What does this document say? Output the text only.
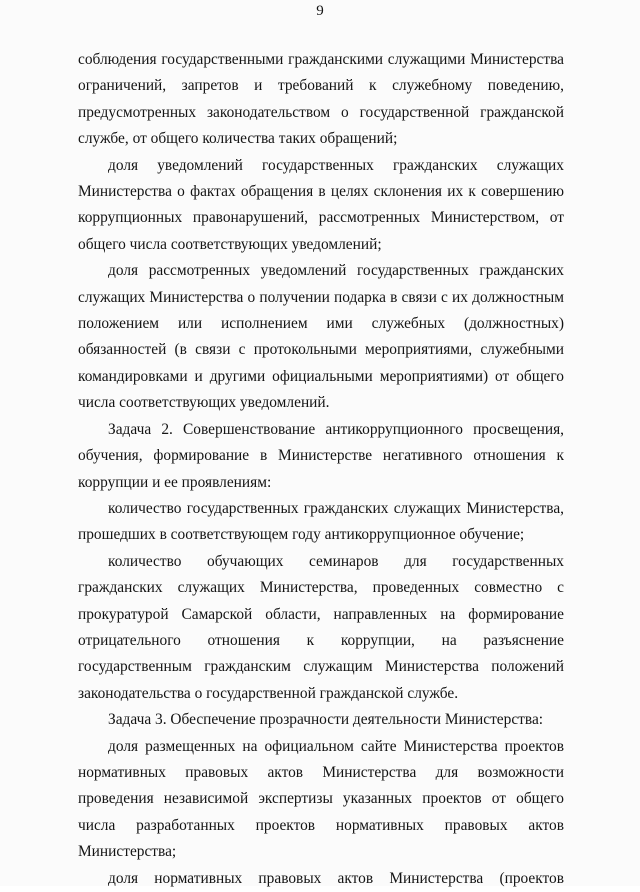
9

соблюдения государственными гражданскими служащими Министерства ограничений, запретов и требований к служебному поведению, предусмотренных законодательством о государственной гражданской службе, от общего количества таких обращений;

доля уведомлений государственных гражданских служащих Министерства о фактах обращения в целях склонения их к совершению коррупционных правонарушений, рассмотренных Министерством, от общего числа соответствующих уведомлений;

доля рассмотренных уведомлений государственных гражданских служащих Министерства о получении подарка в связи с их должностным положением или исполнением ими служебных (должностных) обязанностей (в связи с протокольными мероприятиями, служебными командировками и другими официальными мероприятиями) от общего числа соответствующих уведомлений.

Задача 2. Совершенствование антикоррупционного просвещения, обучения, формирование в Министерстве негативного отношения к коррупции и ее проявлениям:

количество государственных гражданских служащих Министерства, прошедших в соответствующем году антикоррупционное обучение;

количество обучающих семинаров для государственных гражданских служащих Министерства, проведенных совместно с прокуратурой Самарской области, направленных на формирование отрицательного отношения к коррупции, на разъяснение государственным гражданским служащим Министерства положений законодательства о государственной гражданской службе.

Задача 3. Обеспечение прозрачности деятельности Министерства:

доля размещенных на официальном сайте Министерства проектов нормативных правовых актов Министерства для возможности проведения независимой экспертизы указанных проектов от общего числа разработанных проектов нормативных правовых актов Министерства;

доля нормативных правовых актов Министерства (проектов
